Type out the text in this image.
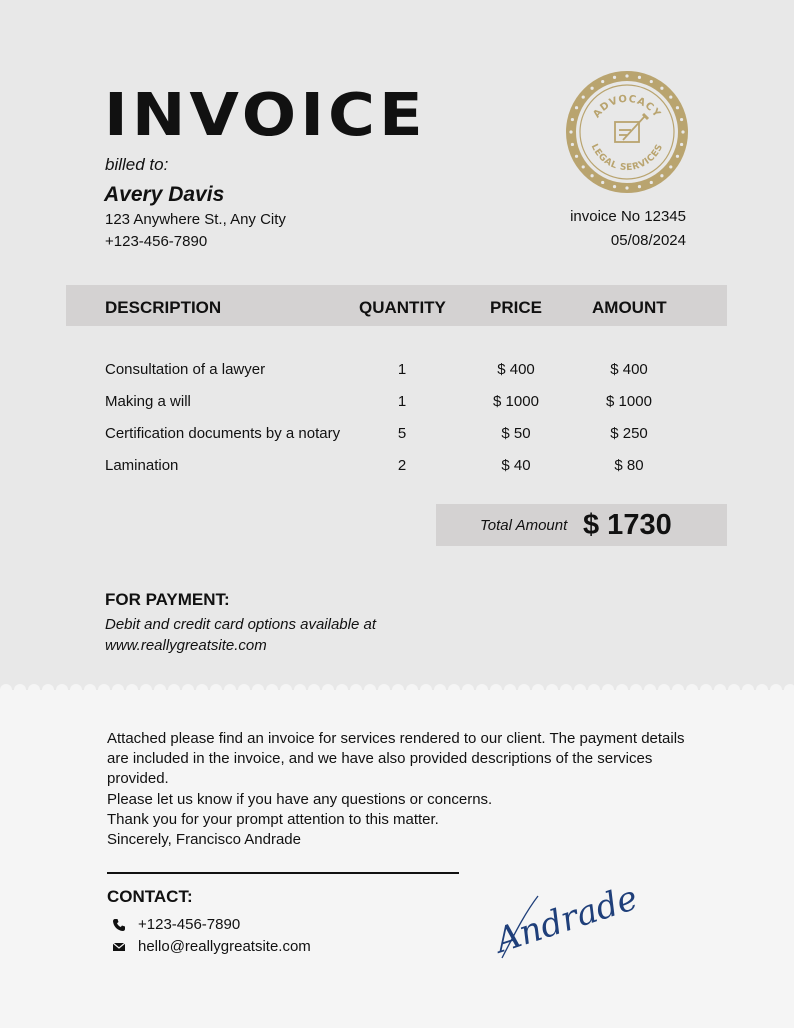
INVOICE
billed to:
Avery Davis
123 Anywhere St., Any City
+123-456-7890
invoice No 12345
05/08/2024
ADVOCACY
LEGAL SERVICES
DESCRIPTION	QUANTITY	PRICE	AMOUNT
Consultation of a lawyer	1	$ 400	$ 400
Making a will	1	$ 1000	$ 1000
Certification documents by a notary	5	$ 50	$ 250
Lamination	2	$ 40	$ 80
Total Amount $ 1730
FOR PAYMENT:
Debit and credit card options available at
www.reallygreatsite.com
Attached please find an invoice for services rendered to our client. The payment details are included in the invoice, and we have also provided descriptions of the services provided.
Please let us know if you have any questions or concerns.
Thank you for your prompt attention to this matter.
Sincerely, Francisco Andrade
CONTACT:
+123-456-7890
hello@reallygreatsite.com	Andrade
